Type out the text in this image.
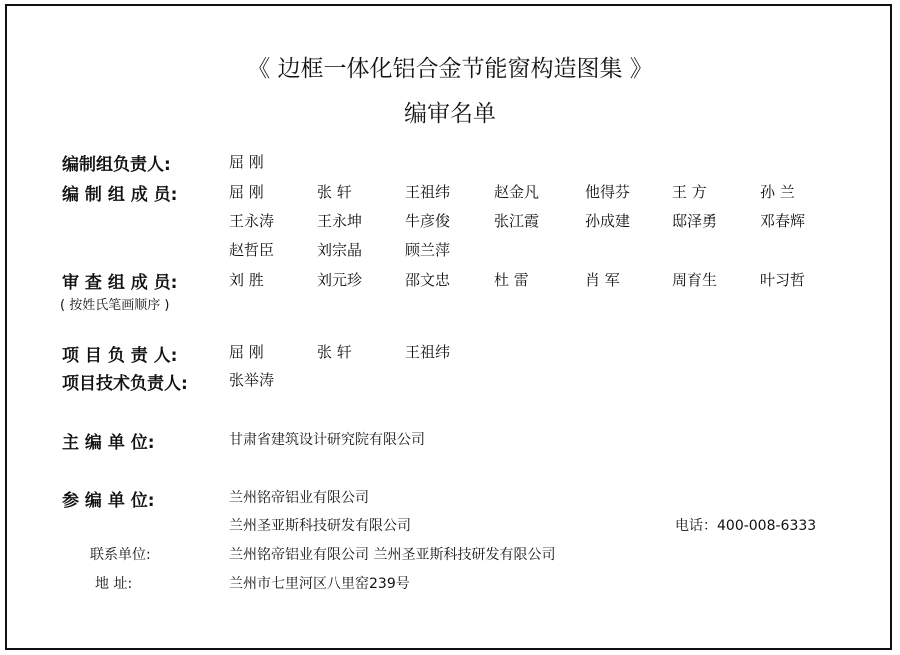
《 边框一体化铝合金节能窗构造图集 》
编审名单
编制组负责人:	屈 刚
编 制 组 成 员:	屈 刚	张 轩	王祖纬	赵金凡	他得芬	王 方	孙 兰
王永涛	王永坤	牛彦俊	张江霞	孙成建	邸泽勇	邓春辉
赵哲臣	刘宗晶	顾兰萍
审 查 组 成 员:
( 按姓氏笔画顺序 )
刘 胜	刘元珍	邵文忠	杜 雷	肖 军	周育生	叶习哲
项 目 负 责 人:	屈 刚	张 轩	王祖纬
项目技术负责人:	张举涛
主 编 单 位:	甘肃省建筑设计研究院有限公司
参 编 单 位:	兰州铭帝铝业有限公司
兰州圣亚斯科技研发有限公司	电话：400-008-6333
联系单位:	兰州铭帝铝业有限公司 兰州圣亚斯科技研发有限公司
地 址:	兰州市七里河区八里窑239号
